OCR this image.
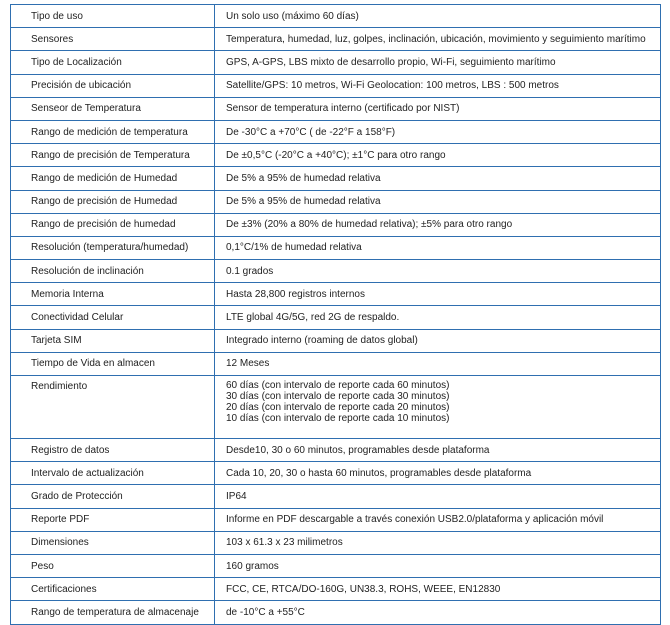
Tipo de uso	Un solo uso (máximo 60 días)
Sensores	Temperatura, humedad, luz, golpes, inclinación, ubicación, movimiento y seguimiento marítimo
Tipo de Localización	GPS, A-GPS, LBS mixto de desarrollo propio, Wi-Fi, seguimiento marítimo
Precisión de ubicación	Satellite/GPS: 10 metros, Wi-Fi Geolocation: 100 metros, LBS : 500 metros
Senseor de Temperatura	Sensor de temperatura interno (certificado por NIST)
Rango de medición de temperatura	De -30°C a +70°C ( de -22°F a 158°F)
Rango de precisión de Temperatura	De ±0,5°C (-20°C a +40°C); ±1°C para otro rango
Rango de medición de Humedad	De 5% a 95% de humedad relativa
Rango de precisión de Humedad	De 5% a 95% de humedad relativa
Rango de precisión de humedad	De ±3% (20% a 80% de humedad relativa); ±5% para otro rango
Resolución (temperatura/humedad)	0,1°C/1% de humedad relativa
Resolución de inclinación	0.1 grados
Memoria Interna	Hasta 28,800 registros internos
Conectividad Celular	LTE global 4G/5G, red 2G de respaldo.
Tarjeta SIM	Integrado interno (roaming de datos global)
Tiempo de Vida en almacen	12 Meses
Rendimiento	60 días (con intervalo de reporte cada 60 minutos)
30 días (con intervalo de reporte cada 30 minutos)
20 días (con intervalo de reporte cada 20 minutos)
10 días (con intervalo de reporte cada 10 minutos)

Registro de datos	Desde10, 30 o 60 minutos, programables desde plataforma
Intervalo de actualización	Cada 10, 20, 30 o hasta 60 minutos, programables desde plataforma
Grado de Protección	IP64
Reporte PDF	Informe en PDF descargable a través conexión USB2.0/plataforma y aplicación móvil
Dimensiones	103 x 61.3 x 23 milimetros
Peso	160 gramos
Certificaciones	FCC, CE, RTCA/DO-160G, UN38.3, ROHS, WEEE, EN12830
Rango de temperatura de almacenaje	de -10°C a +55°C
